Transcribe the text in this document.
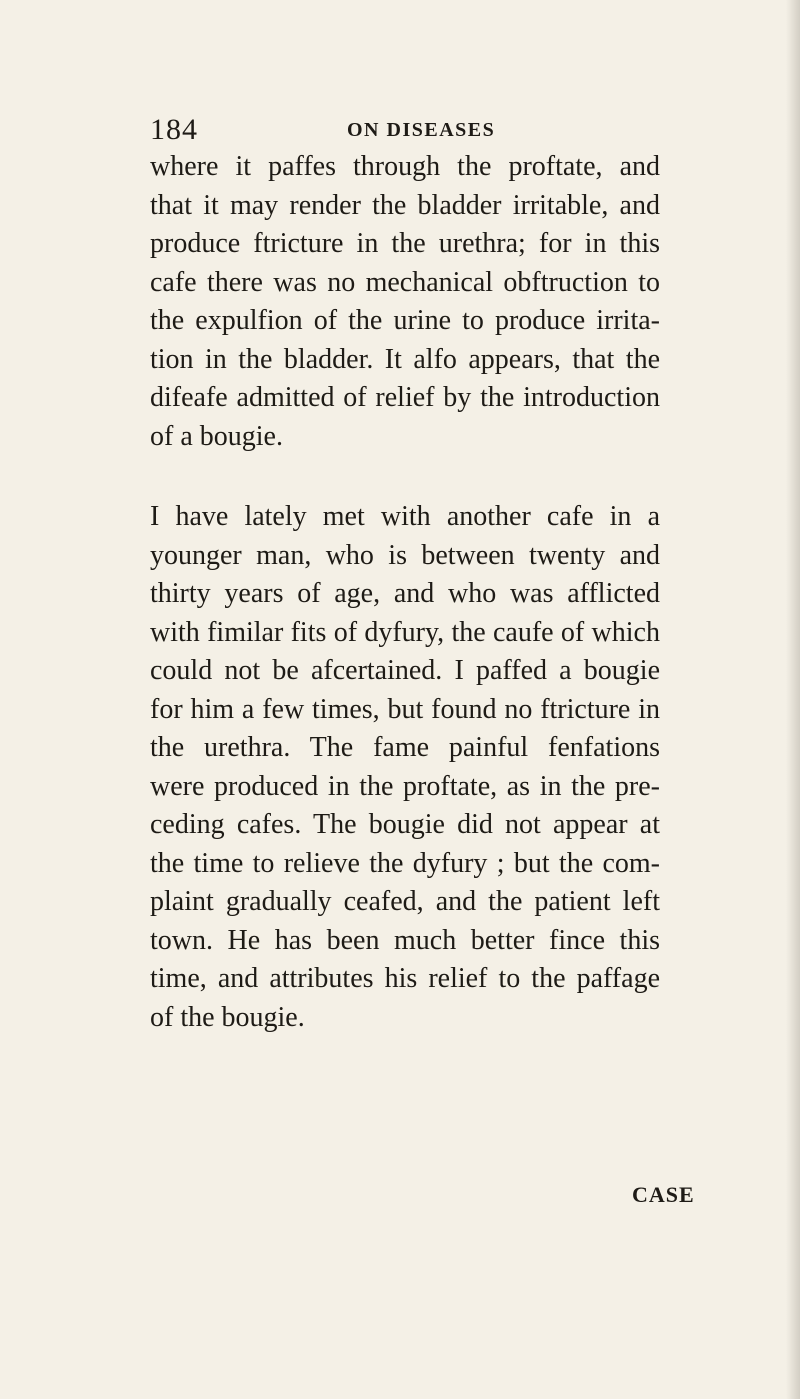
184	ON DISEASES

where it paffes through the proftate, and
that it may render the bladder irritable, and
produce ftricture in the urethra; for in this
cafe there was no mechanical obftruction to
the expulfion of the urine to produce irrita-
tion in the bladder. It alfo appears, that the
difeafe admitted of relief by the introduction
of a bougie.

I have lately met with another cafe in a
younger man, who is between twenty and
thirty years of age, and who was afflicted
with fimilar fits of dyfury, the caufe of which
could not be afcertained. I paffed a bougie
for him a few times, but found no ftricture in
the urethra. The fame painful fenfations
were produced in the proftate, as in the pre-
ceding cafes. The bougie did not appear at
the time to relieve the dyfury ; but the com-
plaint gradually ceafed, and the patient left
town. He has been much better fince this
time, and attributes his relief to the paffage
of the bougie.

CASE
